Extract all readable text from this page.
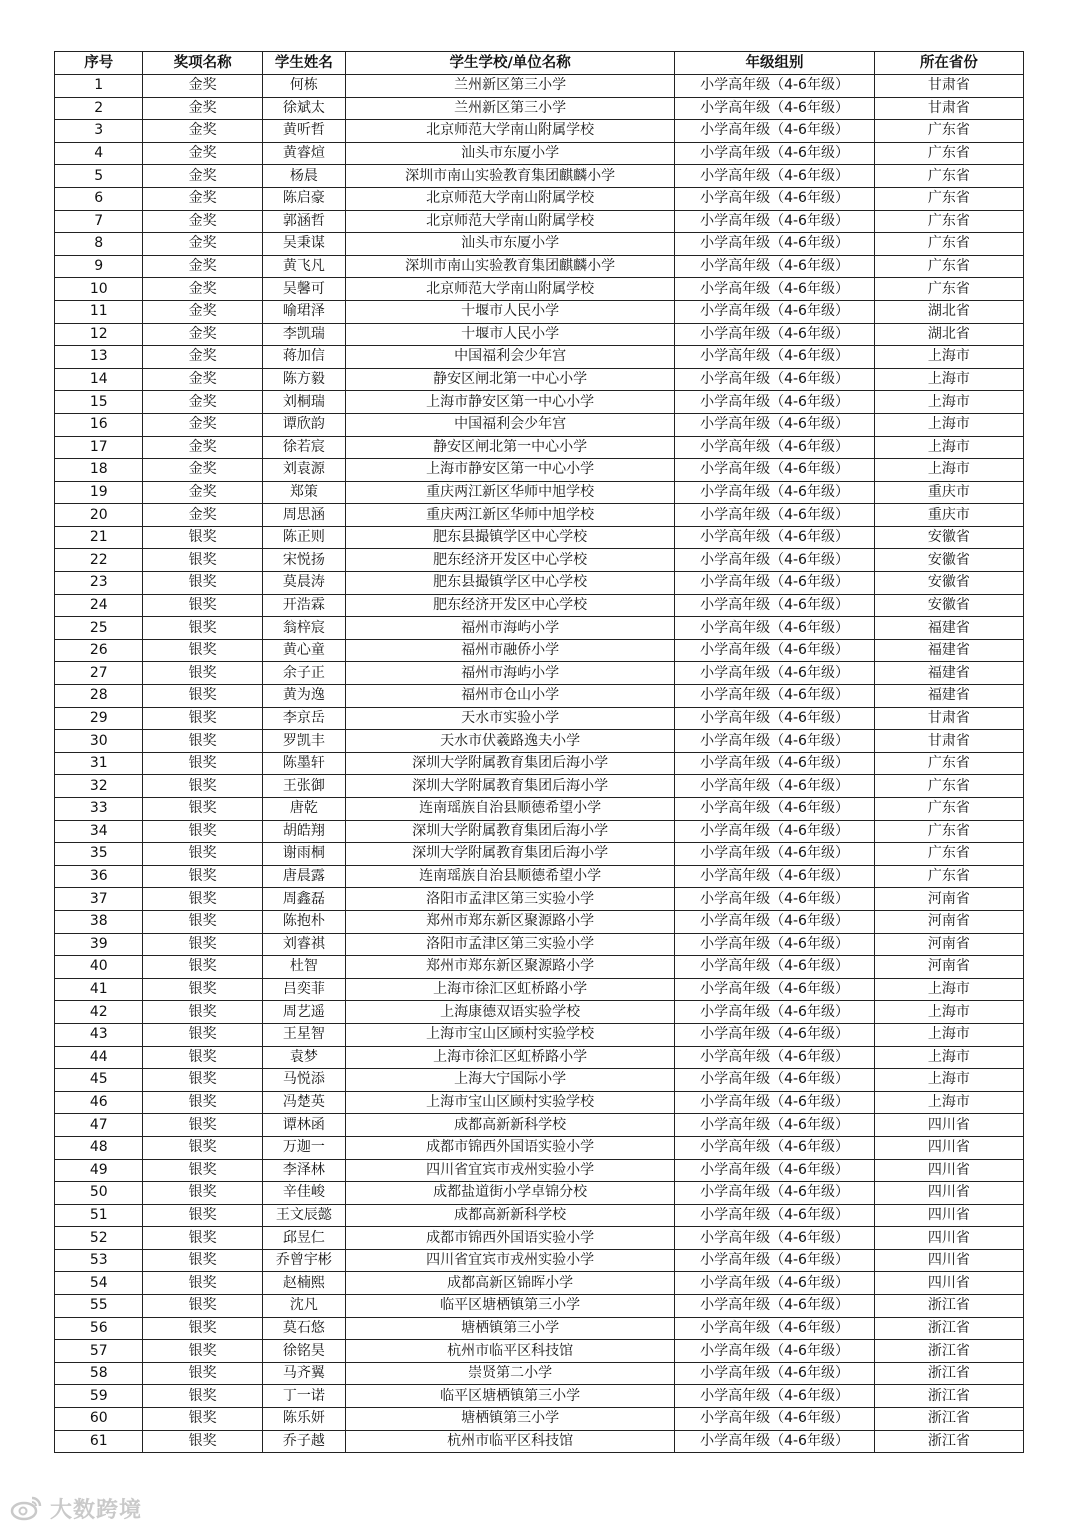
序号	奖项名称	学生姓名	学生学校/单位名称	年级组别	所在省份
1	金奖	何栋	兰州新区第三小学	小学高年级（4-6年级）	甘肃省
2	金奖	徐斌太	兰州新区第三小学	小学高年级（4-6年级）	甘肃省
3	金奖	黄听哲	北京师范大学南山附属学校	小学高年级（4-6年级）	广东省
4	金奖	黄睿煊	汕头市东厦小学	小学高年级（4-6年级）	广东省
5	金奖	杨晨	深圳市南山实验教育集团麒麟小学	小学高年级（4-6年级）	广东省
6	金奖	陈启豪	北京师范大学南山附属学校	小学高年级（4-6年级）	广东省
7	金奖	郭涵哲	北京师范大学南山附属学校	小学高年级（4-6年级）	广东省
8	金奖	吴秉谋	汕头市东厦小学	小学高年级（4-6年级）	广东省
9	金奖	黄飞凡	深圳市南山实验教育集团麒麟小学	小学高年级（4-6年级）	广东省
10	金奖	吴馨可	北京师范大学南山附属学校	小学高年级（4-6年级）	广东省
11	金奖	喻珺泽	十堰市人民小学	小学高年级（4-6年级）	湖北省
12	金奖	李凯瑞	十堰市人民小学	小学高年级（4-6年级）	湖北省
13	金奖	蒋加信	中国福利会少年宫	小学高年级（4-6年级）	上海市
14	金奖	陈方毅	静安区闸北第一中心小学	小学高年级（4-6年级）	上海市
15	金奖	刘桐瑞	上海市静安区第一中心小学	小学高年级（4-6年级）	上海市
16	金奖	谭欣韵	中国福利会少年宫	小学高年级（4-6年级）	上海市
17	金奖	徐若宸	静安区闸北第一中心小学	小学高年级（4-6年级）	上海市
18	金奖	刘袁源	上海市静安区第一中心小学	小学高年级（4-6年级）	上海市
19	金奖	郑策	重庆两江新区华师中旭学校	小学高年级（4-6年级）	重庆市
20	金奖	周思涵	重庆两江新区华师中旭学校	小学高年级（4-6年级）	重庆市
21	银奖	陈正则	肥东县撮镇学区中心学校	小学高年级（4-6年级）	安徽省
22	银奖	宋悦扬	肥东经济开发区中心学校	小学高年级（4-6年级）	安徽省
23	银奖	莫晨涛	肥东县撮镇学区中心学校	小学高年级（4-6年级）	安徽省
24	银奖	开浩霖	肥东经济开发区中心学校	小学高年级（4-6年级）	安徽省
25	银奖	翁梓宸	福州市海屿小学	小学高年级（4-6年级）	福建省
26	银奖	黄心童	福州市融侨小学	小学高年级（4-6年级）	福建省
27	银奖	余子正	福州市海屿小学	小学高年级（4-6年级）	福建省
28	银奖	黄为逸	福州市仓山小学	小学高年级（4-6年级）	福建省
29	银奖	李京岳	天水市实验小学	小学高年级（4-6年级）	甘肃省
30	银奖	罗凯丰	天水市伏羲路逸夫小学	小学高年级（4-6年级）	甘肃省
31	银奖	陈墨轩	深圳大学附属教育集团后海小学	小学高年级（4-6年级）	广东省
32	银奖	王张御	深圳大学附属教育集团后海小学	小学高年级（4-6年级）	广东省
33	银奖	唐乾	连南瑶族自治县顺德希望小学	小学高年级（4-6年级）	广东省
34	银奖	胡皓翔	深圳大学附属教育集团后海小学	小学高年级（4-6年级）	广东省
35	银奖	谢雨桐	深圳大学附属教育集团后海小学	小学高年级（4-6年级）	广东省
36	银奖	唐晨露	连南瑶族自治县顺德希望小学	小学高年级（4-6年级）	广东省
37	银奖	周鑫磊	洛阳市孟津区第三实验小学	小学高年级（4-6年级）	河南省
38	银奖	陈抱朴	郑州市郑东新区聚源路小学	小学高年级（4-6年级）	河南省
39	银奖	刘睿祺	洛阳市孟津区第三实验小学	小学高年级（4-6年级）	河南省
40	银奖	杜智	郑州市郑东新区聚源路小学	小学高年级（4-6年级）	河南省
41	银奖	吕奕菲	上海市徐汇区虹桥路小学	小学高年级（4-6年级）	上海市
42	银奖	周艺遥	上海康德双语实验学校	小学高年级（4-6年级）	上海市
43	银奖	王星智	上海市宝山区顾村实验学校	小学高年级（4-6年级）	上海市
44	银奖	袁梦	上海市徐汇区虹桥路小学	小学高年级（4-6年级）	上海市
45	银奖	马悦添	上海大宁国际小学	小学高年级（4-6年级）	上海市
46	银奖	冯楚英	上海市宝山区顾村实验学校	小学高年级（4-6年级）	上海市
47	银奖	谭林函	成都高新新科学校	小学高年级（4-6年级）	四川省
48	银奖	万迦一	成都市锦西外国语实验小学	小学高年级（4-6年级）	四川省
49	银奖	李泽林	四川省宜宾市戎州实验小学	小学高年级（4-6年级）	四川省
50	银奖	辛佳峻	成都盐道街小学卓锦分校	小学高年级（4-6年级）	四川省
51	银奖	王文辰懿	成都高新新科学校	小学高年级（4-6年级）	四川省
52	银奖	邱昱仁	成都市锦西外国语实验小学	小学高年级（4-6年级）	四川省
53	银奖	乔曾宇彬	四川省宜宾市戎州实验小学	小学高年级（4-6年级）	四川省
54	银奖	赵楠熙	成都高新区锦晖小学	小学高年级（4-6年级）	四川省
55	银奖	沈凡	临平区塘栖镇第三小学	小学高年级（4-6年级）	浙江省
56	银奖	莫石悠	塘栖镇第三小学	小学高年级（4-6年级）	浙江省
57	银奖	徐铭昊	杭州市临平区科技馆	小学高年级（4-6年级）	浙江省
58	银奖	马齐翼	崇贤第二小学	小学高年级（4-6年级）	浙江省
59	银奖	丁一诺	临平区塘栖镇第三小学	小学高年级（4-6年级）	浙江省
60	银奖	陈乐妍	塘栖镇第三小学	小学高年级（4-6年级）	浙江省
61	银奖	乔子越	杭州市临平区科技馆	小学高年级（4-6年级）	浙江省
大数跨境
